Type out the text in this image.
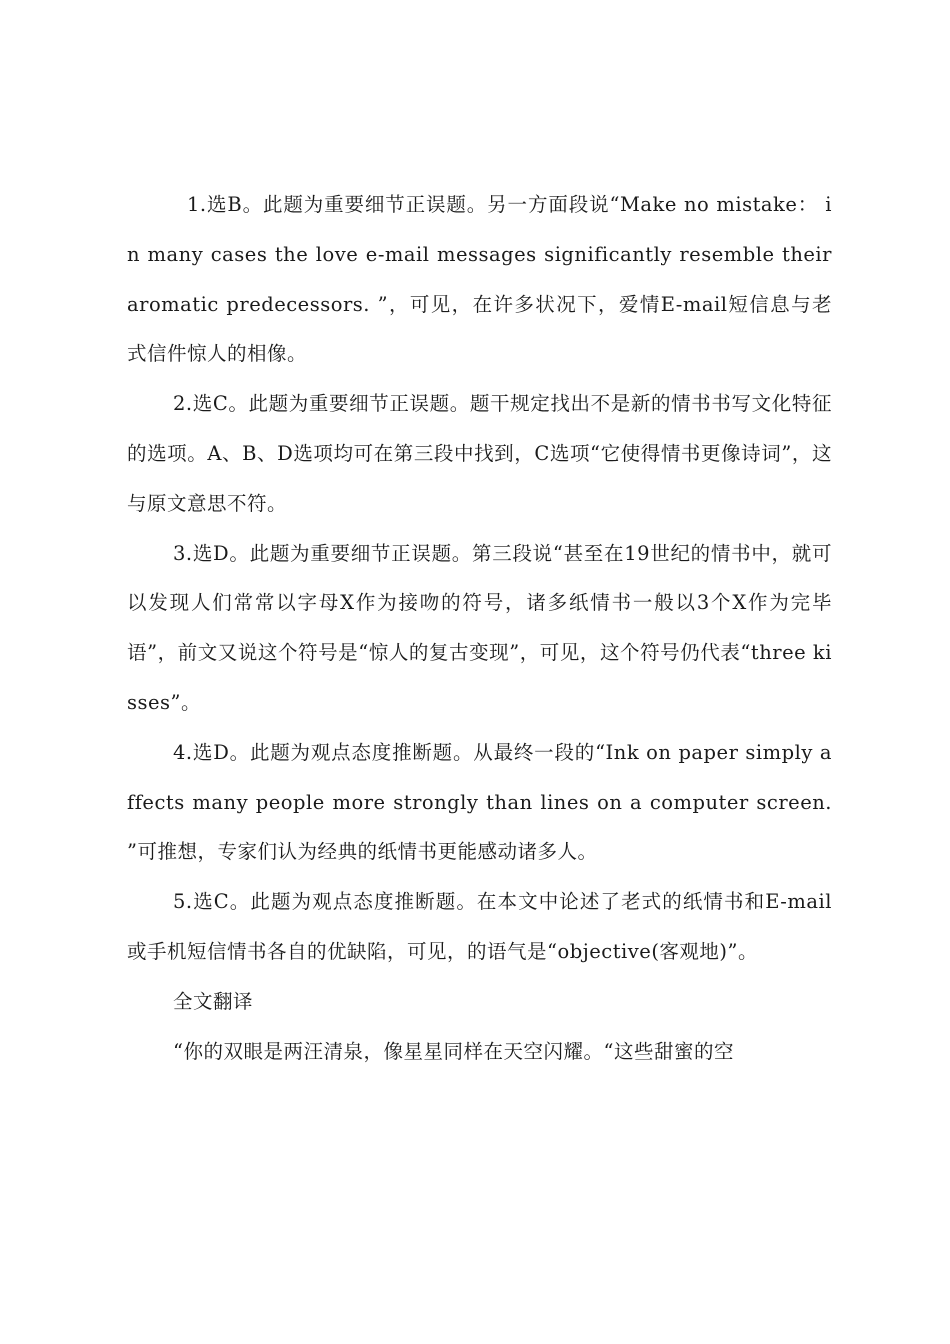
1.选B。此题为重要细节正误题。另一方面段说“Make no mistake： in many cases the love e-mail messages significantly resemble their aromatic predecessors. ”，可见，在许多状况下，爱情E-mail短信息与老式信件惊人的相像。

2.选C。此题为重要细节正误题。题干规定找出不是新的情书书写文化特征的选项。A、B、D选项均可在第三段中找到，C选项“它使得情书更像诗词”，这与原文意思不符。

3.选D。此题为重要细节正误题。第三段说“甚至在19世纪的情书中，就可以发现人们常常以字母X作为接吻的符号，诸多纸情书一般以3个X作为完毕语”，前文又说这个符号是“惊人的复古变现”，可见，这个符号仍代表“three kisses”。

4.选D。此题为观点态度推断题。从最终一段的“Ink on paper simply affects many people more strongly than lines on a computer screen. ”可推想，专家们认为经典的纸情书更能感动诸多人。

5.选C。此题为观点态度推断题。在本文中论述了老式的纸情书和E-mail或手机短信情书各自的优缺陷，可见，的语气是“objective(客观地)”。

全文翻译

“你的双眼是两汪清泉，像星星同样在天空闪耀。“这些甜蜜的空
